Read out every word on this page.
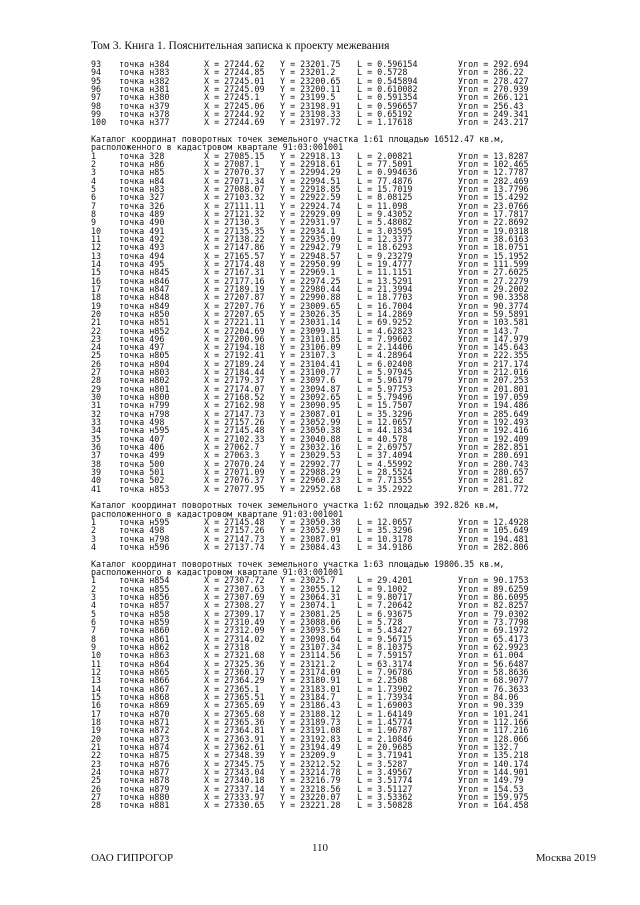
Том 3. Книга 1. Пояснительная записка к проекту межевания
93 точка н384	X = 27244.62 Y = 23201.75 L = 0.596154	Угол = 292.694
94 точка н383	X = 27244.85 Y = 23201.2	L = 0.5728	Угол = 286.22
95 точка н382	X = 27245.01 Y = 23200.65 L = 0.545894	Угол = 278.427
96 точка н381	X = 27245.09 Y = 23200.11 L = 0.610082	Угол = 270.939
97 точка н380	X = 27245.1 Y = 23199.5	L = 0.591354	Угол = 266.121
98 точка н379	X = 27245.06 Y = 23198.91 L = 0.596657	Угол = 256.43
99 точка н378	X = 27244.92 Y = 23198.33 L = 0.65192	Угол = 249.341
100 точка н377	X = 27244.69 Y = 23197.72 L = 1.17618	Угол = 243.217
Каталог координат поворотных точек земельного участка 1:61 площадью 16512.47 кв.м,
расположенного в кадастровом квартале 91:03:001001
1	точка 328	X = 27085.15 Y = 22918.13 L = 2.00821	Угол = 13.8287
2	точка н86	X = 27087.1 Y = 22918.61 L = 77.5091	Угол = 102.465
3	точка н85	X = 27070.37 Y = 22994.29 L = 0.994636	Угол = 12.7787
4	точка н84	X = 27071.34 Y = 22994.51 L = 77.4876	Угол = 282.469
5	точка н83	X = 27088.07 Y = 22918.85 L = 15.7019	Угол = 13.7796
6	точка 327	X = 27103.32 Y = 22922.59 L = 8.08125	Угол = 15.4292
7	точка 326	X = 27111.11 Y = 22924.74 L = 11.098	Угол = 23.0766
8	точка 489	X = 27121.32 Y = 22929.09 L = 9.43052	Угол = 17.7817
9	точка 490	X = 27130.3 Y = 22931.97 L = 5.48082	Угол = 22.8692
10 точка 491	X = 27135.35 Y = 22934.1	L = 3.03595	Угол = 19.0318
11 точка 492	X = 27138.22 Y = 22935.09 L = 12.3377	Угол = 38.6163
12 точка 493	X = 27147.86 Y = 22942.79 L = 18.6293	Угол = 18.0751
13 точка 494	X = 27165.57 Y = 22948.57 L = 9.23279	Угол = 15.1952
14 точка 495	X = 27174.48 Y = 22950.99 L = 19.4777	Угол = 111.599
15 точка н845	X = 27167.31 Y = 22969.1	L = 11.1151	Угол = 27.6025
16 точка н846	X = 27177.16 Y = 22974.25 L = 13.5291	Угол = 27.2279
17 точка н847	X = 27189.19 Y = 22980.44 L = 21.3994	Угол = 29.2002
18 точка н848	X = 27207.87 Y = 22990.88 L = 18.7703	Угол = 90.3358
19 точка н849	X = 27207.76 Y = 23009.65 L = 16.7004	Угол = 90.3774
20 точка н850	X = 27207.65 Y = 23026.35 L = 14.2869	Угол = 59.5891
21 точка н851	X = 27221.11 Y = 23031.14 L = 69.9252	Угол = 103.581
22 точка н852	X = 27204.69 Y = 23099.11 L = 4.62823	Угол = 143.7
23 точка 496	X = 27200.96 Y = 23101.85 L = 7.99602	Угол = 147.979
24 точка 497	X = 27194.18 Y = 23106.09 L = 2.14406	Угол = 145.643
25 точка н805	X = 27192.41 Y = 23107.3	L = 4.28964	Угол = 222.355
26 точка н804	X = 27189.24 Y = 23104.41 L = 6.02408	Угол = 217.174
27 точка н803	X = 27184.44 Y = 23100.77 L = 5.97945	Угол = 212.016
28 точка н802	X = 27179.37 Y = 23097.6	L = 5.96179	Угол = 207.253
29 точка н801	X = 27174.07 Y = 23094.87 L = 5.97753	Угол = 201.801
30 точка н800	X = 27168.52 Y = 23092.65 L = 5.79496	Угол = 197.059
31 точка н799	X = 27162.98 Y = 23090.95 L = 15.7507	Угол = 194.486
32 точка н798	X = 27147.73 Y = 23087.01 L = 35.3296	Угол = 285.649
33 точка 498	X = 27157.26 Y = 23052.99 L = 12.0657	Угол = 192.493
34 точка н595	X = 27145.48 Y = 23050.38 L = 44.1834	Угол = 192.416
35 точка 407	X = 27102.33 Y = 23040.88 L = 40.578	Угол = 192.409
36 точка 406	X = 27062.7 Y = 23032.16 L = 2.69757	Угол = 282.851
37 точка 499	X = 27063.3 Y = 23029.53 L = 37.4094	Угол = 280.691
38 точка 500	X = 27070.24 Y = 22992.77 L = 4.55992	Угол = 280.743
39 точка 501	X = 27071.09 Y = 22988.29 L = 28.5524	Угол = 280.657
40 точка 502	X = 27076.37 Y = 22960.23 L = 7.71355	Угол = 281.82
41 точка н853	X = 27077.95 Y = 22952.68 L = 35.2922	Угол = 281.772
Каталог координат поворотных точек земельного участка 1:62 площадью 392.826 кв.м,
расположенного в кадастровом квартале 91:03:001001
1	точка н595	X = 27145.48 Y = 23050.38 L = 12.0657	Угол = 12.4928
2	точка 498	X = 27157.26 Y = 23052.99 L = 35.3296	Угол = 105.649
3	точка н798	X = 27147.73 Y = 23087.01 L = 10.3178	Угол = 194.481
4	точка н596	X = 27137.74 Y = 23084.43 L = 34.9186	Угол = 282.806
Каталог координат поворотных точек земельного участка 1:63 площадью 19806.35 кв.м,
расположенного в кадастровом квартале 91:03:001001
1	точка н854	X = 27307.72 Y = 23025.7	L = 29.4201	Угол = 90.1753
2	точка н855	X = 27307.63 Y = 23055.12 L = 9.1002	Угол = 89.6259
3	точка н856	X = 27307.69 Y = 23064.31 L = 9.80717	Угол = 86.6095
4	точка н857	X = 27308.27 Y = 23074.1	L = 7.20642	Угол = 82.8257
5	точка н858	X = 27309.17 Y = 23081.25 L = 6.93675	Угол = 79.0302
6	точка н859	X = 27310.49 Y = 23088.06 L = 5.728	Угол = 73.7798
7	точка н860	X = 27312.09 Y = 23093.56 L = 5.43427	Угол = 69.1972
8	точка н861	X = 27314.02 Y = 23098.64 L = 9.56715	Угол = 65.4173
9	точка н862	X = 27318	Y = 23107.34 L = 8.10375	Угол = 62.9923
10 точка н863	X = 27321.68 Y = 23114.56 L = 7.59157	Угол = 61.004
11 точка н864	X = 27325.36 Y = 23121.2	L = 63.3174	Угол = 56.6487
12 точка н865	X = 27360.17 Y = 23174.09 L = 7.96786	Угол = 58.8636
13 точка н866	X = 27364.29 Y = 23180.91 L = 2.2508	Угол = 68.9077
14 точка н867	X = 27365.1 Y = 23183.01 L = 1.73902	Угол = 76.3633
15 точка н868	X = 27365.51 Y = 23184.7	L = 1.73934	Угол = 84.06
16 точка н869	X = 27365.69 Y = 23186.43 L = 1.69003	Угол = 90.339
17 точка н870	X = 27365.68 Y = 23188.12 L = 1.64149	Угол = 101.241
18 точка н871	X = 27365.36 Y = 23189.73 L = 1.45774	Угол = 112.166
19 точка н872	X = 27364.81 Y = 23191.08 L = 1.96787	Угол = 117.216
20 точка н873	X = 27363.91 Y = 23192.83 L = 2.10846	Угол = 128.066
21 точка н874	X = 27362.61 Y = 23194.49 L = 20.9685	Угол = 132.7
22 точка н875	X = 27348.39 Y = 23209.9	L = 3.71941	Угол = 135.218
23 точка н876	X = 27345.75 Y = 23212.52 L = 3.5287	Угол = 140.174
24 точка н877	X = 27343.04 Y = 23214.78 L = 3.49567	Угол = 144.901
25 точка н878	X = 27340.18 Y = 23216.79 L = 3.51774	Угол = 149.79
26 точка н879	X = 27337.14 Y = 23218.56 L = 3.51127	Угол = 154.53
27 точка н880	X = 27333.97 Y = 23220.07 L = 3.53362	Угол = 159.975
28 точка н881	X = 27330.65 Y = 23221.28 L = 3.50828	Угол = 164.458
110
ОАО ГИПРОГОР	Москва 2019
